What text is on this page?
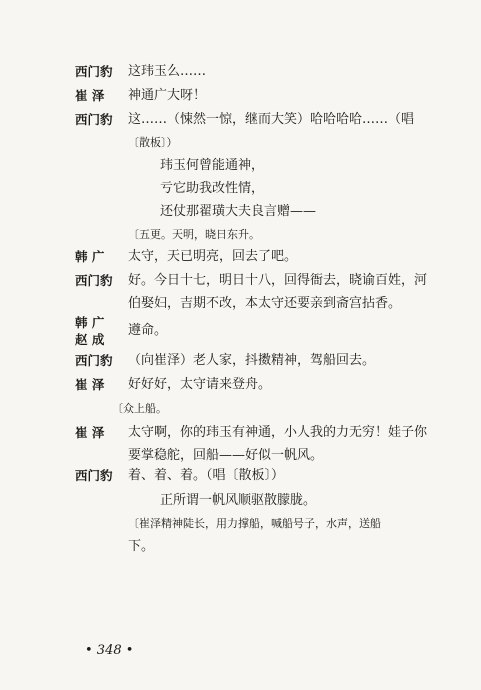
西门豹 这玮玉么……
崔 泽 神通广大呀！
西门豹 这……（悚然一惊，继而大笑）哈哈哈哈……（唱
〔散板〕）
玮玉何曾能通神，
亏它助我改性情，
还仗那翟璜大夫良言赠——
〔五更。天明，晓日东升。
韩 广 太守，天已明亮，回去了吧。
西门豹 好。今日十七，明日十八，回得衙去，晓谕百姓，河
伯娶妇，吉期不改，本太守还要亲到斋宫拈香。
韩 广
赵 成
遵命。
西门豹 （向崔泽）老人家，抖擞精神，驾船回去。
崔 泽 好好好，太守请来登舟。
〔众上船。
崔 泽 太守啊，你的玮玉有神通，小人我的力无穷！娃子你
要掌稳舵，回船——好似一帆风。
西门豹 着、着、着。（唱〔散板〕）
正所谓一帆风顺驱散朦胧。
〔崔泽精神陡长，用力撑船，喊船号子，水声，送船
下。
• 348 •
